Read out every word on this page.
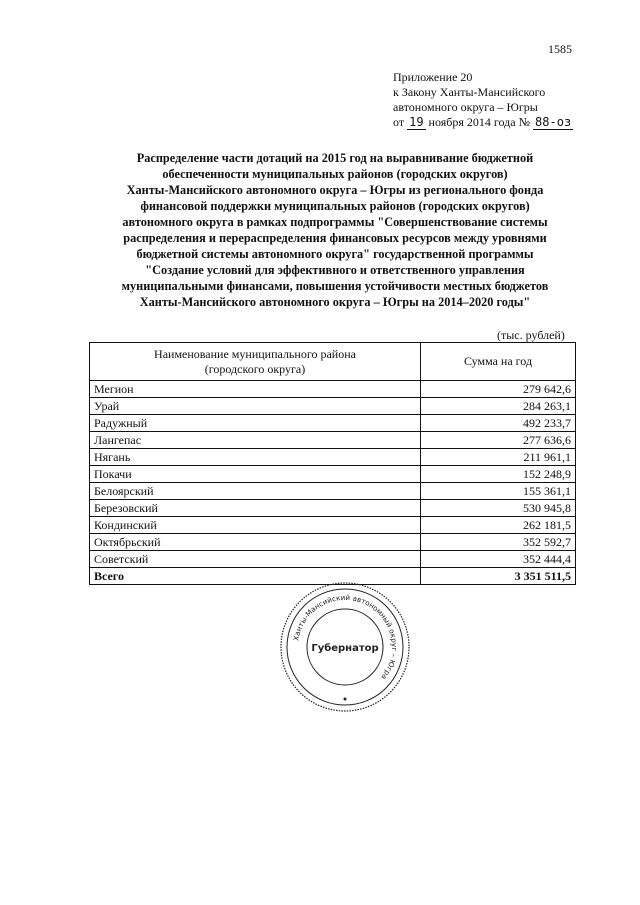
1585
Приложение 20
к Закону Ханты-Мансийского
автономного округа – Югры
от 19 ноября 2014 года № 88-оз
Распределение части дотаций на 2015 год на выравнивание бюджетной
обеспеченности муниципальных районов (городских округов)
Ханты-Мансийского автономного округа – Югры из регионального фонда
финансовой поддержки муниципальных районов (городских округов)
автономного округа в рамках подпрограммы "Совершенствование системы
распределения и перераспределения финансовых ресурсов между уровнями
бюджетной системы автономного округа" государственной программы
"Создание условий для эффективного и ответственного управления
муниципальными финансами, повышения устойчивости местных бюджетов
Ханты-Мансийского автономного округа – Югры на 2014–2020 годы"
(тыс. рублей)
Наименование муниципального района
(городского округа)	Сумма на год
Мегион	279 642,6
Урай	284 263,1
Радужный	492 233,7
Лангепас	277 636,6
Нягань	211 961,1
Покачи	152 248,9
Белоярский	155 361,1
Березовский	530 945,8
Кондинский	262 181,5
Октябрьский	352 592,7
Советский	352 444,4
Всего	3 351 511,5
Ханты-Мансийский автономный округ – Югра
Губернатор
